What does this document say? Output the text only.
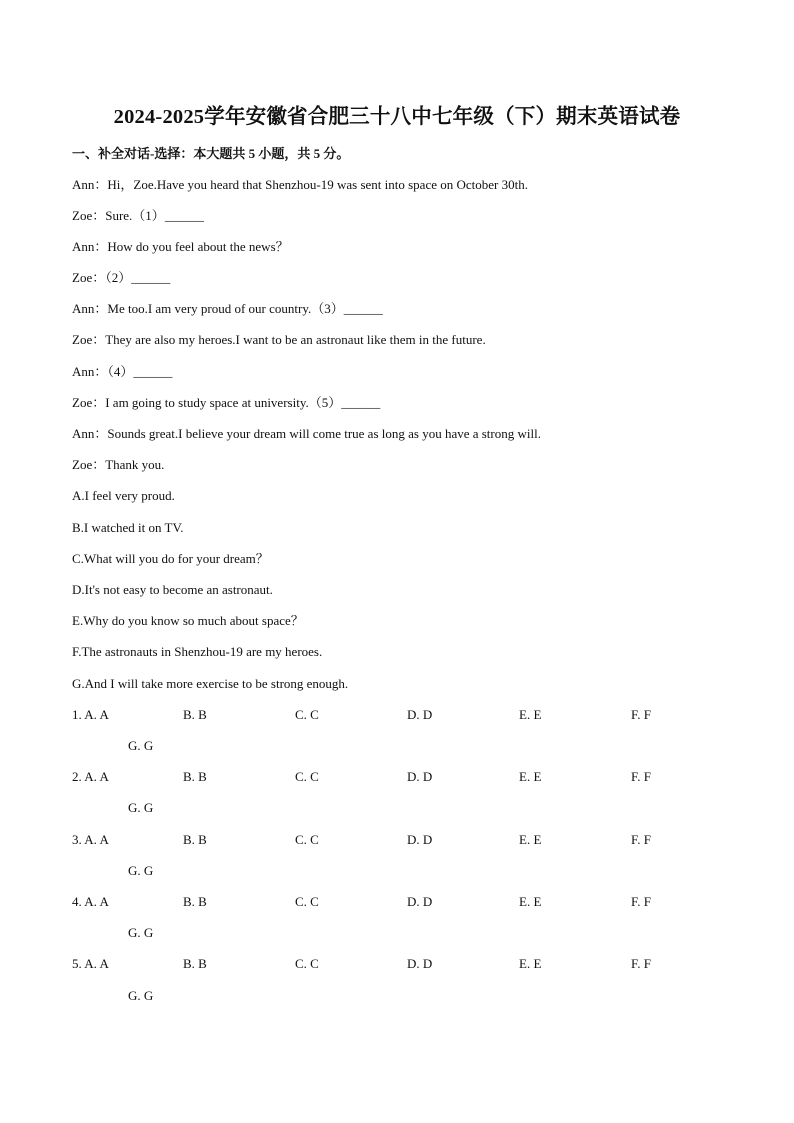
2024-2025学年安徽省合肥三十八中七年级（下）期末英语试卷

一、补全对话-选择：本大题共 5 小题，共 5 分。

Ann：Hi，Zoe.Have you heard that Shenzhou-19 was sent into space on October 30th.
Zoe：Sure.（1）______
Ann：How do you feel about the news？
Zoe：（2）______
Ann：Me too.I am very proud of our country.（3）______
Zoe：They are also my heroes.I want to be an astronaut like them in the future.
Ann：（4）______
Zoe：I am going to study space at university.（5）______
Ann：Sounds great.I believe your dream will come true as long as you have a strong will.
Zoe：Thank you.
A.I feel very proud.
B.I watched it on TV.
C.What will you do for your dream？
D.It's not easy to become an astronaut.
E.Why do you know so much about space？
F.The astronauts in Shenzhou-19 are my heroes.
G.And I will take more exercise to be strong enough.
1. A. A	B. B	C. C	D. D	E. E	F. F
G. G
2. A. A	B. B	C. C	D. D	E. E	F. F
G. G
3. A. A	B. B	C. C	D. D	E. E	F. F
G. G
4. A. A	B. B	C. C	D. D	E. E	F. F
G. G
5. A. A	B. B	C. C	D. D	E. E	F. F
G. G
